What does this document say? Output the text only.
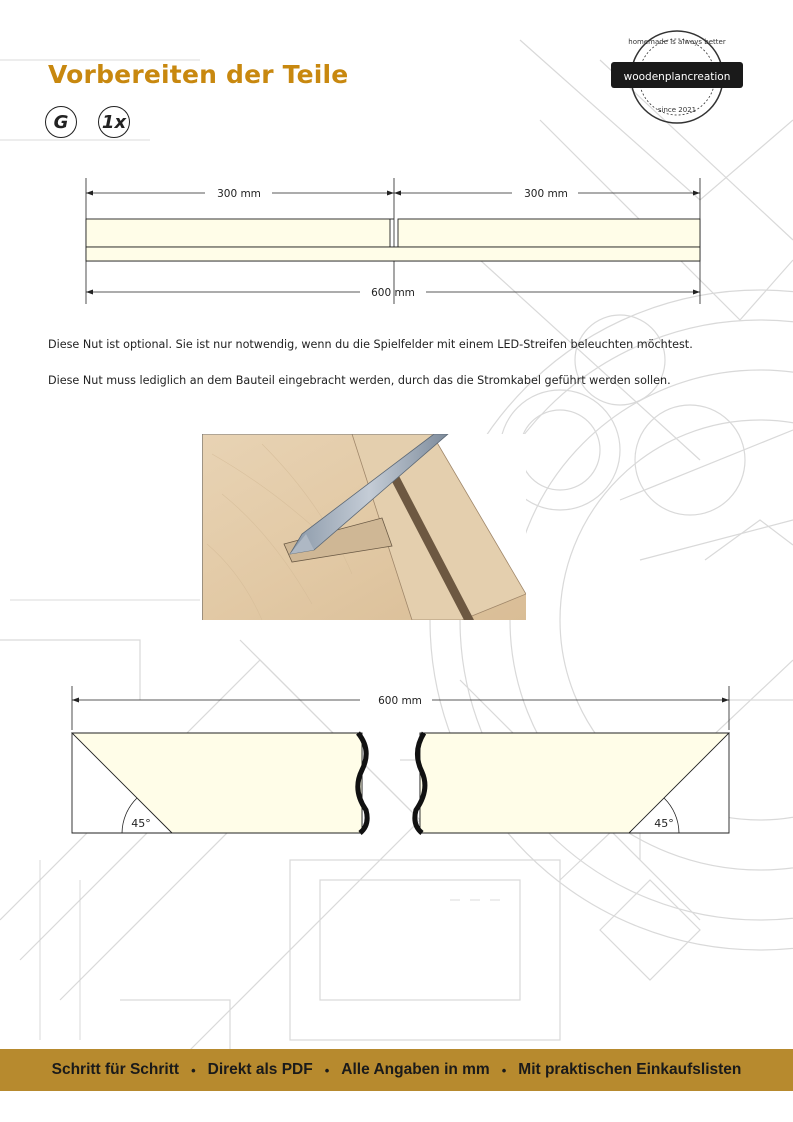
Vorbereiten der Teile
G	1x
woodenplancreation
homemade is always better
since 2021
300 mm	300 mm
600 mm
Diese Nut ist optional. Sie ist nur notwendig, wenn du die Spielfelder mit einem LED-Streifen beleuchten möchtest.
Diese Nut muss lediglich an dem Bauteil eingebracht werden, durch das die Stromkabel geführt werden sollen.
600 mm
45°	45°
Schritt für Schritt • Direkt als PDF • Alle Angaben in mm • Mit praktischen Einkaufslisten
